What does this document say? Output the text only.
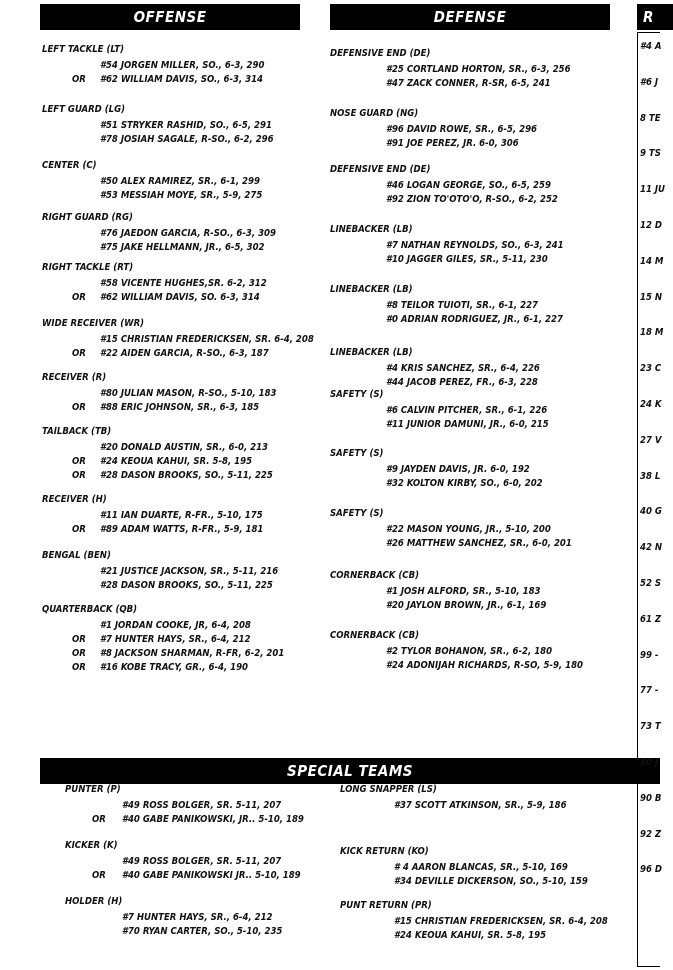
OFFENSE	DEFENSE	R
SPECIAL TEAMS
LEFT TACKLE (LT)
#54 JORGEN MILLER, SO., 6-3, 290
OR #62 WILLIAM DAVIS, SO., 6-3, 314
LEFT GUARD (LG)
#51 STRYKER RASHID, SO., 6-5, 291
#78 JOSIAH SAGALE, R-SO., 6-2, 296
CENTER (C)
#50 ALEX RAMIREZ, SR., 6-1, 299
#53 MESSIAH MOYE, SR., 5-9, 275
RIGHT GUARD (RG)
#76 JAEDON GARCIA, R-SO., 6-3, 309
#75 JAKE HELLMANN, JR., 6-5, 302
RIGHT TACKLE (RT)
#58 VICENTE HUGHES,SR. 6-2, 312
OR #62 WILLIAM DAVIS, SO. 6-3, 314
WIDE RECEIVER (WR)
#15 CHRISTIAN FREDERICKSEN, SR. 6-4, 208
OR #22 AIDEN GARCIA, R-SO., 6-3, 187
RECEIVER (R)
#80 JULIAN MASON, R-SO., 5-10, 183
OR #88 ERIC JOHNSON, SR., 6-3, 185
TAILBACK (TB)
#20 DONALD AUSTIN, SR., 6-0, 213
OR #24 KEOUA KAHUI, SR. 5-8, 195
OR #28 DASON BROOKS, SO., 5-11, 225
RECEIVER (H)
#11 IAN DUARTE, R-FR., 5-10, 175
OR #89 ADAM WATTS, R-FR., 5-9, 181
BENGAL (BEN)
#21 JUSTICE JACKSON, SR., 5-11, 216
#28 DASON BROOKS, SO., 5-11, 225
QUARTERBACK (QB)
#1 JORDAN COOKE, JR, 6-4, 208
OR #7 HUNTER HAYS, SR., 6-4, 212
OR #8 JACKSON SHARMAN, R-FR, 6-2, 201
OR #16 KOBE TRACY, GR., 6-4, 190
DEFENSIVE END (DE)
#25 CORTLAND HORTON, SR., 6-3, 256
#47 ZACK CONNER, R-SR, 6-5, 241
NOSE GUARD (NG)
#96 DAVID ROWE, SR., 6-5, 296
#91 JOE PEREZ, JR. 6-0, 306
DEFENSIVE END (DE)
#46 LOGAN GEORGE, SO., 6-5, 259
#92 ZION TO'OTO'O, R-SO., 6-2, 252
LINEBACKER (LB)
#7 NATHAN REYNOLDS, SO., 6-3, 241
#10 JAGGER GILES, SR., 5-11, 230
LINEBACKER (LB)
#8 TEILOR TUIOTI, SR., 6-1, 227
#0 ADRIAN RODRIGUEZ, JR., 6-1, 227
LINEBACKER (LB)
#4 KRIS SANCHEZ, SR., 6-4, 226
#44 JACOB PEREZ, FR., 6-3, 228
SAFETY (S)
#6 CALVIN PITCHER, SR., 6-1, 226
#11 JUNIOR DAMUNI, JR., 6-0, 215
SAFETY (S)
#9 JAYDEN DAVIS, JR. 6-0, 192
#32 KOLTON KIRBY, SO., 6-0, 202
SAFETY (S)
#22 MASON YOUNG, JR., 5-10, 200
#26 MATTHEW SANCHEZ, SR., 6-0, 201
CORNERBACK (CB)
#1 JOSH ALFORD, SR., 5-10, 183
#20 JAYLON BROWN, JR., 6-1, 169
CORNERBACK (CB)
#2 TYLOR BOHANON, SR., 6-2, 180
#24 ADONIJAH RICHARDS, R-SO, 5-9, 180
#4 A
#6 J
8 TE
9 TS
11 JU
12 D
14 M
15 N
18 M
23 C
24 K
27 V
38 L
40 G
42 N
52 S
61 Z
99 -
77 -
73 T
80 J
90 B
92 Z
96 D
PUNTER (P)
#49 ROSS BOLGER, SR. 5-11, 207
OR #40 GABE PANIKOWSKI, JR.. 5-10, 189
KICKER (K)
#49 ROSS BOLGER, SR. 5-11, 207
OR #40 GABE PANIKOWSKI JR.. 5-10, 189
HOLDER (H)
#7 HUNTER HAYS, SR., 6-4, 212
#70 RYAN CARTER, SO., 5-10, 235
LONG SNAPPER (LS)
#37 SCOTT ATKINSON, SR., 5-9, 186
KICK RETURN (KO)
# 4 AARON BLANCAS, SR., 5-10, 169
#34 DEVILLE DICKERSON, SO., 5-10, 159
PUNT RETURN (PR)
#15 CHRISTIAN FREDERICKSEN, SR. 6-4, 208
#24 KEOUA KAHUI, SR. 5-8, 195
